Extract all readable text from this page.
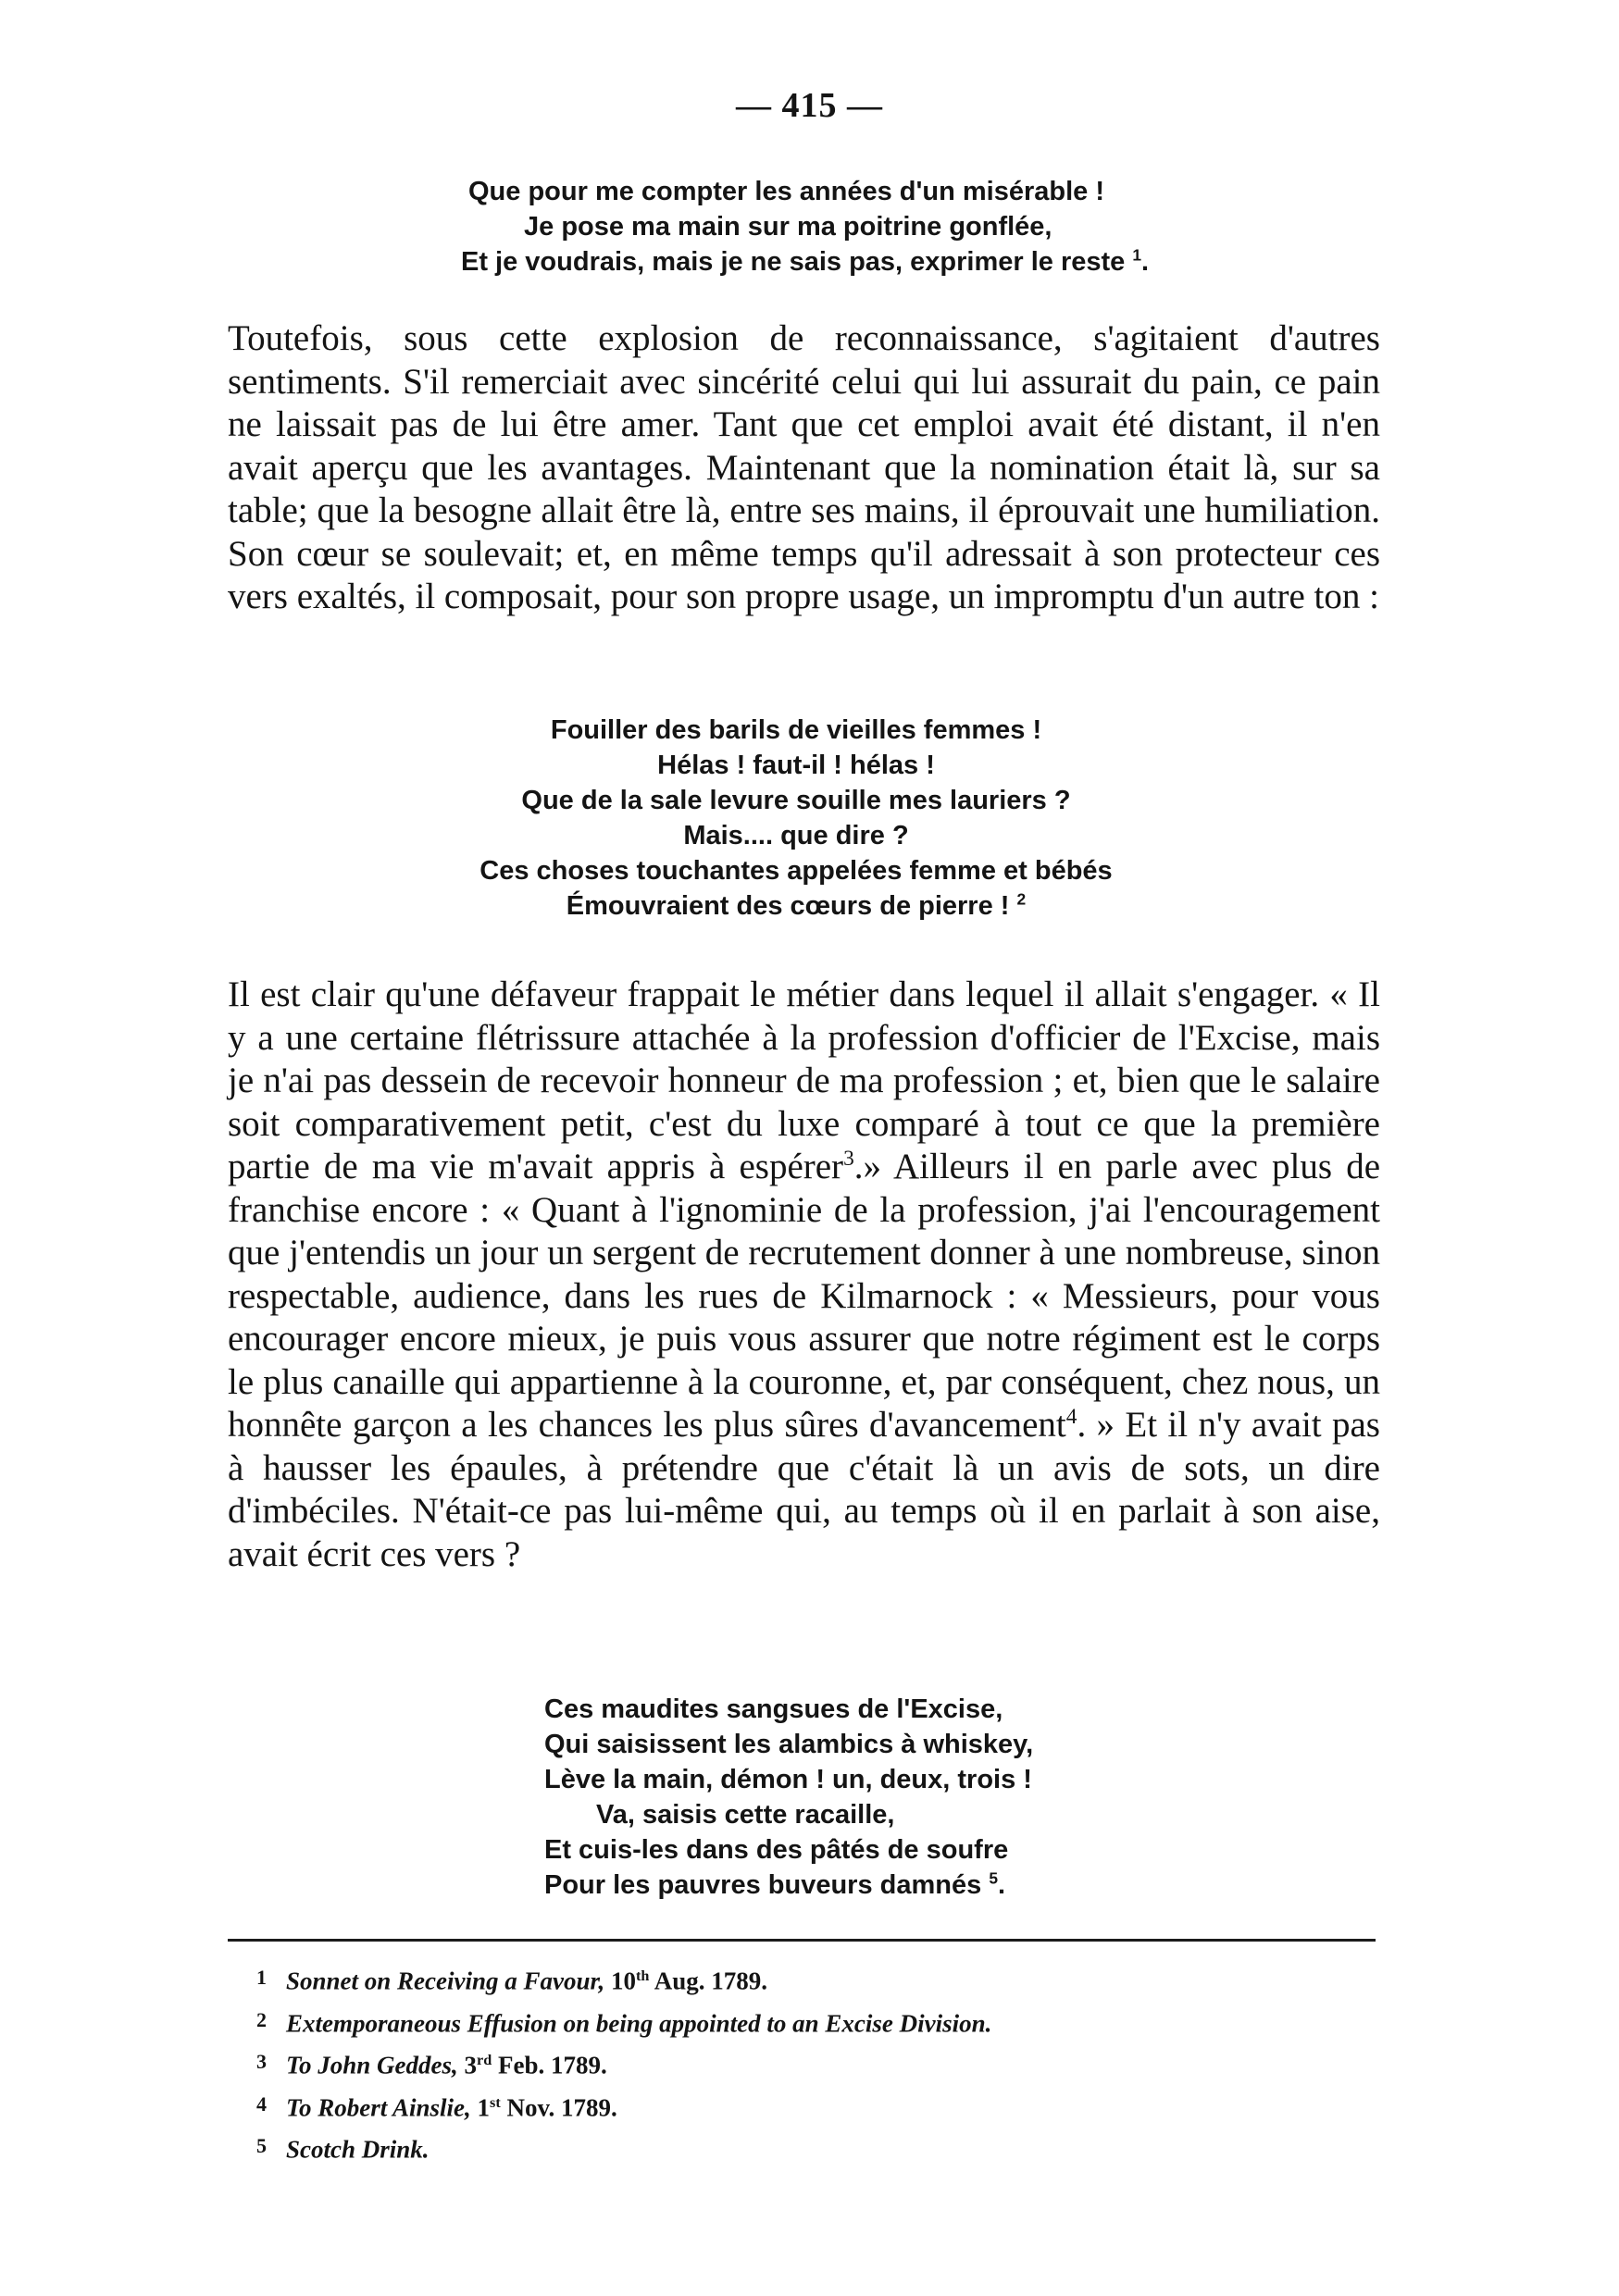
— 415 —
Que pour me compter les années d'un misérable !
Je pose ma main sur ma poitrine gonflée,
Et je voudrais, mais je ne sais pas, exprimer le reste $^1$.

Toutefois, sous cette explosion de reconnaissance, s'agitaient d'autres sentiments. S'il remerciait avec sincérité celui qui lui assurait du pain, ce pain ne laissait pas de lui être amer. Tant que cet emploi avait été distant, il n'en avait aperçu que les avantages. Maintenant que la nomination était là, sur sa table; que la besogne allait être là, entre ses mains, il éprouvait une humiliation. Son cœur se soulevait; et, en même temps qu'il adressait à son protecteur ces vers exaltés, il composait, pour son propre usage, un impromptu d'un autre ton :

Fouiller des barils de vieilles femmes !
Hélas ! faut-il ! hélas !
Que de la sale levure souille mes lauriers ?
Mais.... que dire ?
Ces choses touchantes appelées femme et bébés
Émouvraient des cœurs de pierre ! $^2$

Il est clair qu'une défaveur frappait le métier dans lequel il allait s'engager. « Il y a une certaine flétrissure attachée à la profession d'officier de l'Excise, mais je n'ai pas dessein de recevoir honneur de ma profession ; et, bien que le salaire soit comparativement petit, c'est du luxe comparé à tout ce que la première partie de ma vie m'avait appris à espérer$^3$.» Ailleurs il en parle avec plus de franchise encore : « Quant à l'ignominie de la profession, j'ai l'encouragement que j'entendis un jour un sergent de recrutement donner à une nombreuse, sinon respectable, audience, dans les rues de Kilmarnock : « Messieurs, pour vous encourager encore mieux, je puis vous assurer que notre régiment est le corps le plus canaille qui appartienne à la couronne, et, par conséquent, chez nous, un honnête garçon a les chances les plus sûres d'avancement$^4$. » Et il n'y avait pas à hausser les épaules, à prétendre que c'était là un avis de sots, un dire d'imbéciles. N'était-ce pas lui-même qui, au temps où il en parlait à son aise, avait écrit ces vers ?

Ces maudites sangsues de l'Excise,
Qui saisissent les alambics à whiskey,
Lève la main, démon ! un, deux, trois !
Va, saisis cette racaille,
Et cuis-les dans des pâtés de soufre
Pour les pauvres buveurs damnés $^5$.
1 Sonnet on Receiving a Favour, 10th Aug. 1789.
2 Extemporaneous Effusion on being appointed to an Excise Division.
3 To John Geddes, 3rd Feb. 1789.
4 To Robert Ainslie, 1st Nov. 1789.
5 Scotch Drink.
